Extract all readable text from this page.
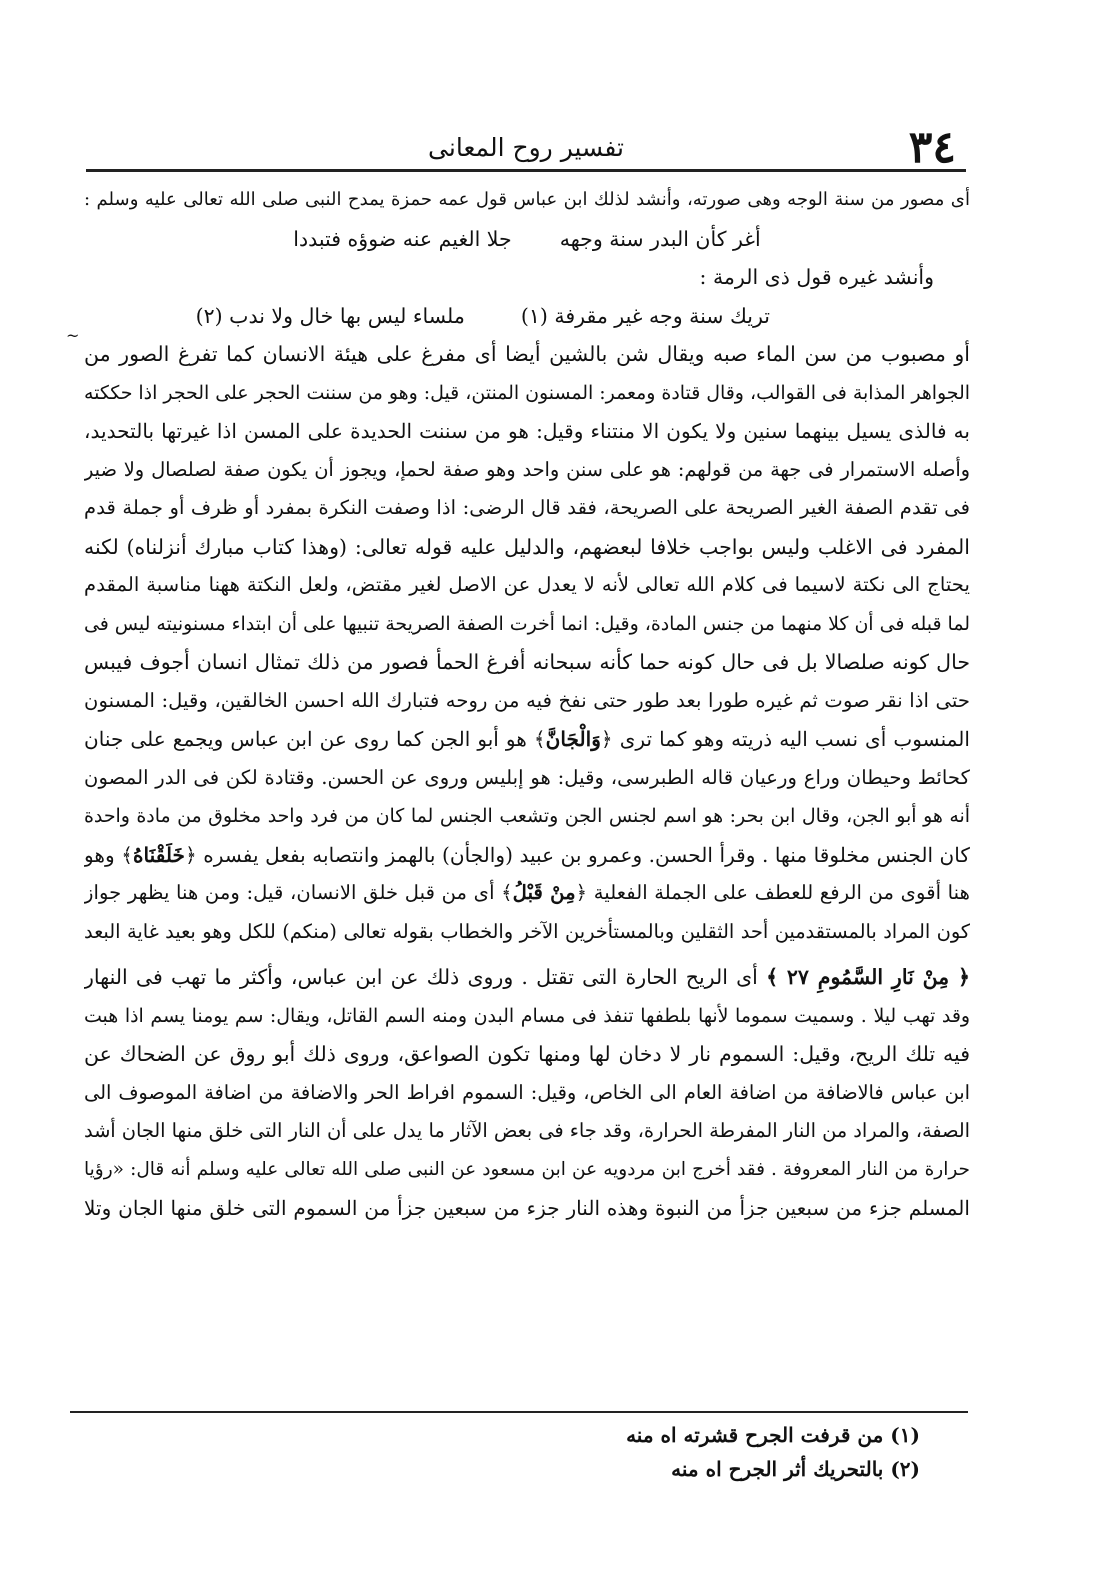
٣٤
تفسير روح المعانى
~
أى مصور من سنة الوجه وهى صورته، وأنشد لذلك ابن عباس قول عمه حمزة يمدح النبى صلى الله تعالى عليه وسلم :
أغر كأن البدر سنة وجهه
جلا الغيم عنه ضوؤه فتبددا
وأنشد غيره قول ذى الرمة :
تريك سنة وجه غير مقرفة (١)
ملساء ليس بها خال ولا ندب (٢)
أو مصبوب من سن الماء صبه ويقال شن بالشين أيضا أى مفرغ على هيئة الانسان كما تفرغ الصور من
الجواهر المذابة فى القوالب، وقال قتادة ومعمر: المسنون المنتن، قيل: وهو من سننت الحجر على الحجر اذا حككته
به فالذى يسيل بينهما سنين ولا يكون الا منتناء وقيل: هو من سننت الحديدة على المسن اذا غيرتها بالتحديد،
وأصله الاستمرار فى جهة من قولهم: هو على سنن واحد وهو صفة لحمإ، ويجوز أن يكون صفة لصلصال ولا ضير
فى تقدم الصفة الغير الصريحة على الصريحة، فقد قال الرضى: اذا وصفت النكرة بمفرد أو ظرف أو جملة قدم
المفرد فى الاغلب وليس بواجب خلافا لبعضهم، والدليل عليه قوله تعالى: (وهذا كتاب مبارك أنزلناه) لكنه
يحتاج الى نكتة لاسيما فى كلام الله تعالى لأنه لا يعدل عن الاصل لغير مقتض، ولعل النكتة ههنا مناسبة المقدم
لما قبله فى أن كلا منهما من جنس المادة، وقيل: انما أخرت الصفة الصريحة تنبيها على أن ابتداء مسنونيته ليس فى
حال كونه صلصالا بل فى حال كونه حما كأنه سبحانه أفرغ الحمأ فصور من ذلك تمثال انسان أجوف فيبس
حتى اذا نقر صوت ثم غيره طورا بعد طور حتى نفخ فيه من روحه فتبارك الله احسن الخالقين، وقيل: المسنون
المنسوب أى نسب اليه ذريته وهو كما ترى ﴿وَالْجَانَّ﴾ هو أبو الجن كما روى عن ابن عباس ويجمع على جنان
كحائط وحيطان وراع ورعيان قاله الطبرسى، وقيل: هو إبليس وروى عن الحسن. وقتادة لكن فى الدر المصون
أنه هو أبو الجن، وقال ابن بحر: هو اسم لجنس الجن وتشعب الجنس لما كان من فرد واحد مخلوق من مادة واحدة
كان الجنس مخلوقا منها . وقرأ الحسن. وعمرو بن عبيد (والجأن) بالهمز وانتصابه بفعل يفسره ﴿خَلَقْنَاهُ﴾ وهو
هنا أقوى من الرفع للعطف على الجملة الفعلية ﴿مِنْ قَبْلُ﴾ أى من قبل خلق الانسان، قيل: ومن هنا يظهر جواز
كون المراد بالمستقدمين أحد الثقلين وبالمستأخرين الآخر والخطاب بقوله تعالى (منكم) للكل وهو بعيد غاية البعد
﴿ مِنْ نَارِ السَّمُومِ ٢٧ ﴾ أى الريح الحارة التى تقتل . وروى ذلك عن ابن عباس، وأكثر ما تهب فى النهار
وقد تهب ليلا . وسميت سموما لأنها بلطفها تنفذ فى مسام البدن ومنه السم القاتل، ويقال: سم يومنا يسم اذا هبت
فيه تلك الريح، وقيل: السموم نار لا دخان لها ومنها تكون الصواعق، وروى ذلك أبو روق عن الضحاك عن
ابن عباس فالاضافة من اضافة العام الى الخاص، وقيل: السموم افراط الحر والاضافة من اضافة الموصوف الى
الصفة، والمراد من النار المفرطة الحرارة، وقد جاء فى بعض الآثار ما يدل على أن النار التى خلق منها الجان أشد
حرارة من النار المعروفة . فقد أخرج ابن مردويه عن ابن مسعود عن النبى صلى الله تعالى عليه وسلم أنه قال: «رؤيا
المسلم جزء من سبعين جزأ من النبوة وهذه النار جزء من سبعين جزأ من السموم التى خلق منها الجان وتلا
(١) من قرفت الجرح قشرته اه منه
(٢) بالتحريك أثر الجرح اه منه
